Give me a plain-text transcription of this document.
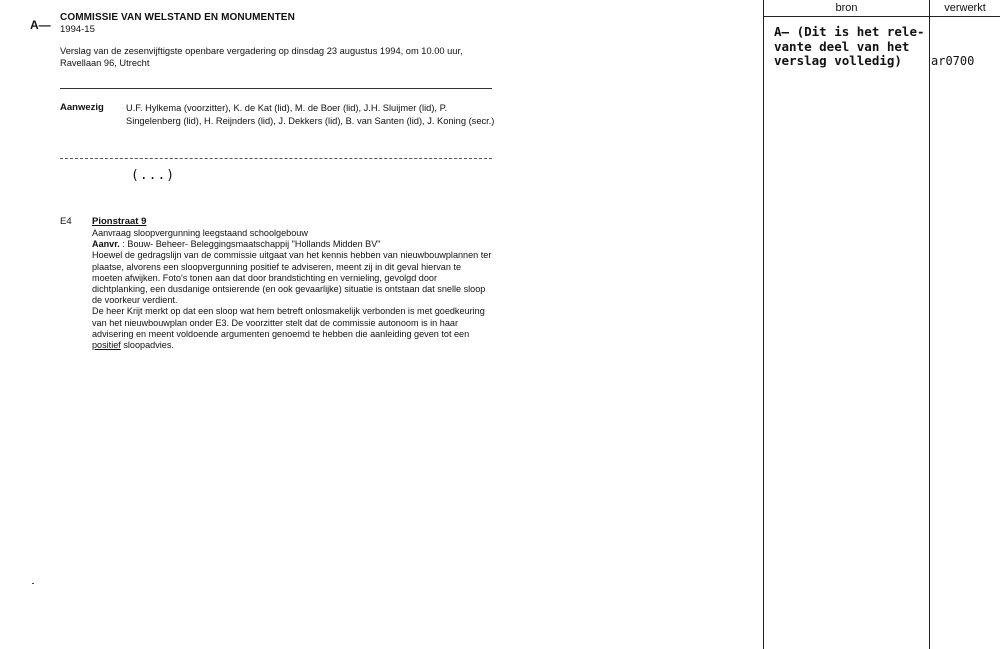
A—
COMMISSIE VAN WELSTAND EN MONUMENTEN
1994-15
Verslag van de zesenvijftigste openbare vergadering op dinsdag 23 augustus 1994, om 10.00 uur, Ravellaan 96, Utrecht
Aanwezig U.F. Hylkema (voorzitter), K. de Kat (lid), M. de Boer (lid), J.H. Sluijmer (lid), P. Singelenberg (lid), H. Reijnders (lid), J. Dekkers (lid), B. van Santen (lid), J. Koning (secr.)
(...)
E4 Pionstraat 9

Aanvraag sloopvergunning leegstaand schoolgebouw

Aanvr. : Bouw- Beheer- Beleggingsmaatschappij "Hollands Midden BV"

Hoewel de gedragslijn van de commissie uitgaat van het kennis hebben van nieuwbouwplannen ter plaatse, alvorens een sloopvergunning positief te adviseren, meent zij in dit geval hiervan te moeten afwijken. Foto's tonen aan dat door brandstichting en vernieling, gevolgd door dichtplanking, een dusdanige ontsierende (en ook gevaarlijke) situatie is ontstaan dat snelle sloop de voorkeur verdient.

De heer Krijt merkt op dat een sloop wat hem betreft onlosmakelijk verbonden is met goedkeuring van het nieuwbouwplan onder E3. De voorzitter stelt dat de commissie autonoom is in haar advisering en meent voldoende argumenten genoemd te hebben die aanleiding geven tot een positief sloopadvies.

bron	verwerkt
A— (Dit is het rele-
vante deel van het
verslag volledig)	ar0700
